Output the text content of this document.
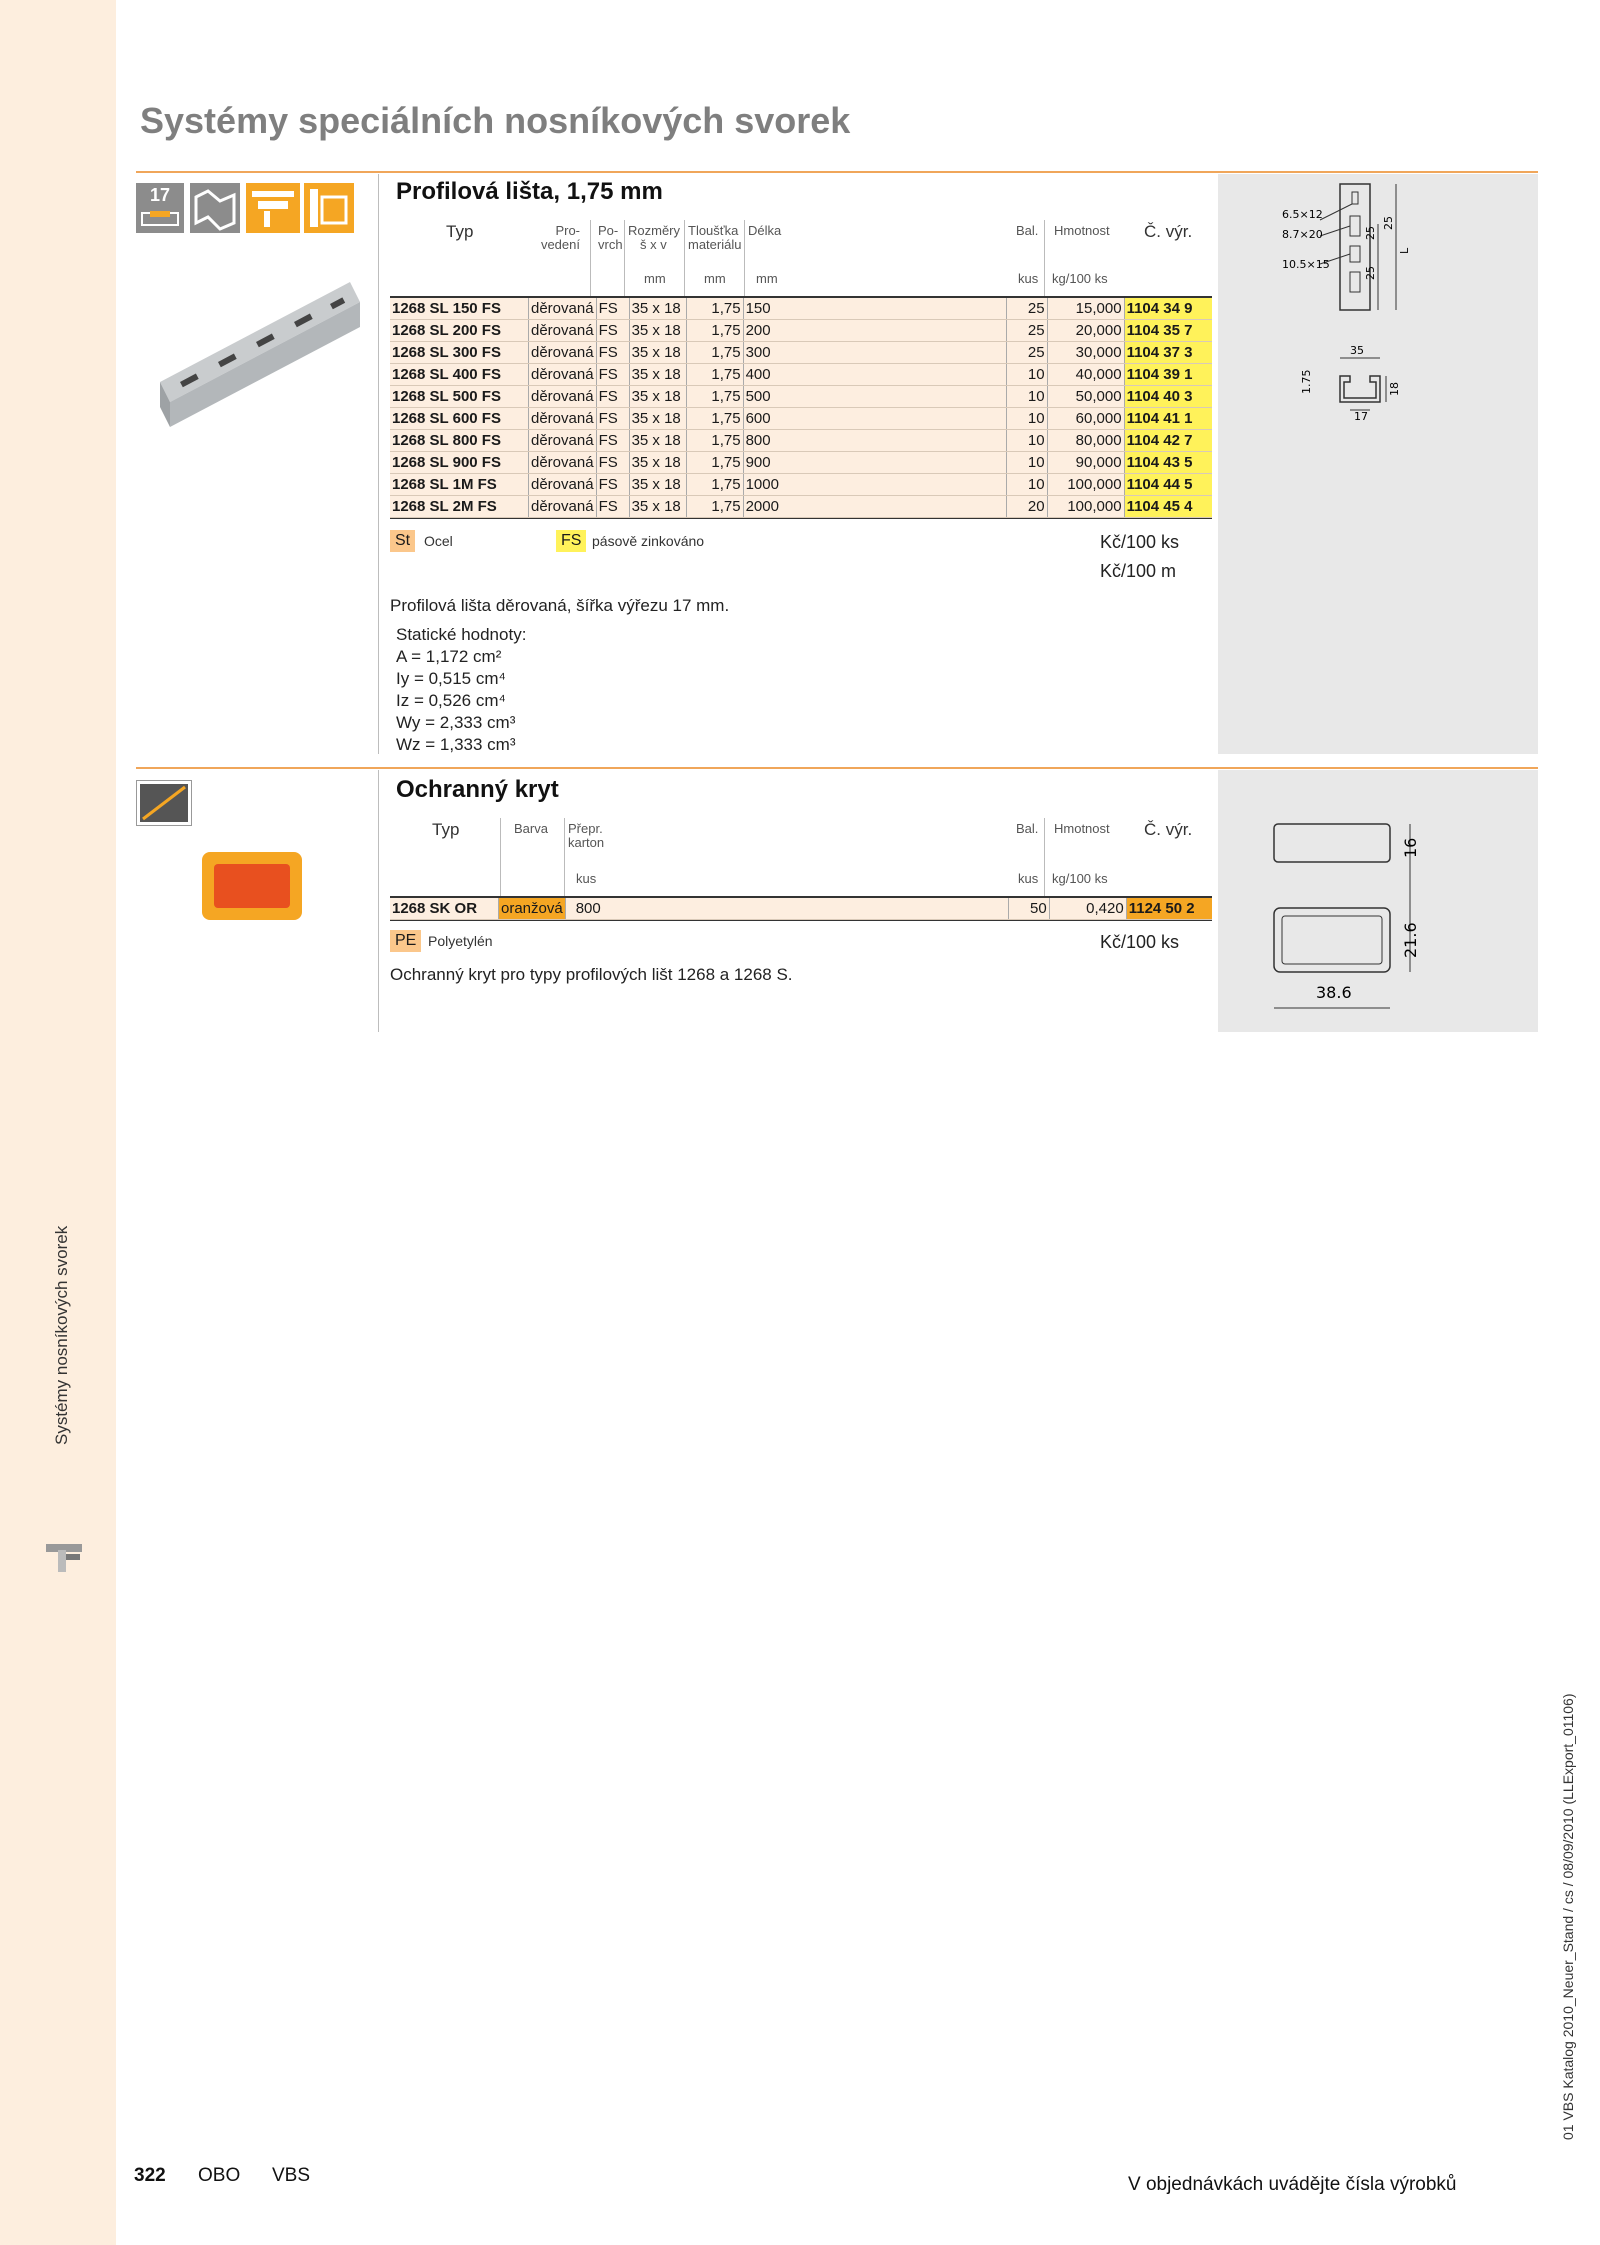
Systémy nosníkových svorek
Systémy speciálních nosníkových svorek
17	Profilová lišta, 1,75 mm
Typ	Pro-
vedení
Po-
vrch
Rozměry
š x v
Tloušťka
materiálu
Délka	Bal. Hmotnost Č. výr.
mm	mm mm	kus kg/100 ks
1268 SL 150 FS	děrovaná	FS	35 x 18	1,75	150	25	15,000	1104 34 9
1268 SL 200 FS	děrovaná	FS	35 x 18	1,75	200	25	20,000	1104 35 7
1268 SL 300 FS	děrovaná	FS	35 x 18	1,75	300	25	30,000	1104 37 3
1268 SL 400 FS	děrovaná	FS	35 x 18	1,75	400	10	40,000	1104 39 1
1268 SL 500 FS	děrovaná	FS	35 x 18	1,75	500	10	50,000	1104 40 3
1268 SL 600 FS	děrovaná	FS	35 x 18	1,75	600	10	60,000	1104 41 1
1268 SL 800 FS	děrovaná	FS	35 x 18	1,75	800	10	80,000	1104 42 7
1268 SL 900 FS	děrovaná	FS	35 x 18	1,75	900	10	90,000	1104 43 5
1268 SL 1M FS	děrovaná	FS	35 x 18	1,75	1000	10	100,000	1104 44 5
1268 SL 2M FS	děrovaná	FS	35 x 18	1,75	2000	20	100,000	1104 45 4
St Ocel	FS pásově zinkováno	Kč/100 ks
Kč/100 m
Profilová lišta děrovaná, šířka výřezu 17 mm.
Statické hodnoty:
A = 1,172 cm²
Iy = 0,515 cm⁴
Iz = 0,526 cm⁴
Wy = 2,333 cm³
Wz = 1,333 cm³
6.5×12
8.7×20
10.5×15
25
25
25
L
35
1.75	18
17
Ochranný kryt
Typ	Barva Přepr.
karton
kus
Bal. Hmotnost Č. výr.
kus kg/100 ks
1268 SK OR	oranžová	800	50	0,420	1124 50 2
PE Polyetylén	Kč/100 ks
Ochranný kryt pro typy profilových lišt 1268 a 1268 S.
16
21.6
38.6
322 OBO VBS	V objednávkách uvádějte čísla výrobků
01 VBS Katalog 2010_Neuer_Stand / cs / 08/09/2010 (LLExport_01106)
